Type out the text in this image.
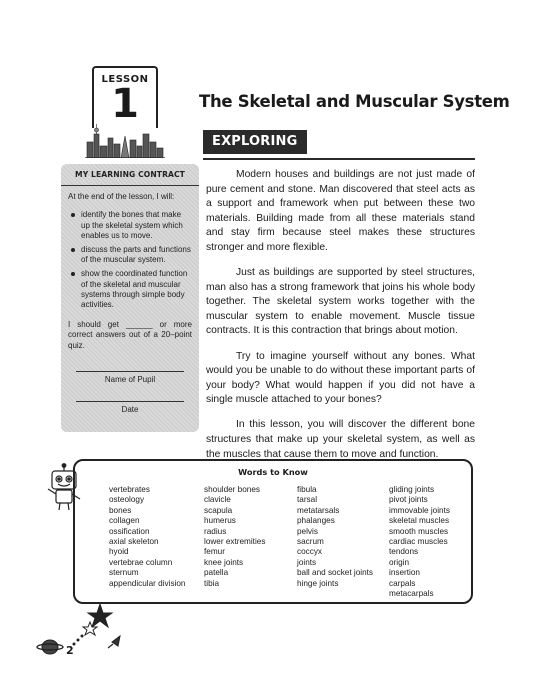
LESSON
1	The Skeletal and Muscular System
EXPLORING
MY LEARNING CONTRACT
At the end of the lesson, I will:
identify the bones that make up the skeletal system which enables us to move.
discuss the parts and functions of the muscular system.
show the coordinated function of the skeletal and muscular systems through simple body activities.
I should get ______ or more correct answers out of a 20–point quiz.
Name of Pupil
Date

Modern houses and buildings are not just made of pure cement and stone. Man discovered that steel acts as a support and framework when put between these two materials. Building made from all these materials stand and stay firm because steel makes these structures stronger and more flexible.

Just as buildings are supported by steel structures, man also has a strong framework that joins his whole body together. The skeletal system works together with the muscular system to enable movement. Muscle tissue contracts. It is this contraction that brings about motion.

Try to imagine yourself without any bones. What would you be unable to do without these important parts of your body? What would happen if you did not have a single muscle attached to your bones?

In this lesson, you will discover the different bone structures that make up your skeletal system, as well as the muscles that cause them to move and function.

Words to Know
vertebrates
osteology
bones
collagen
ossification
axial skeleton
hyoid
vertebrae column
sternum
appendicular division
shoulder bones
clavicle
scapula
humerus
radius
lower extremities
femur
knee joints
patella
tibia
fibula
tarsal
metatarsals
phalanges
pelvis
sacrum
coccyx
joints
ball and socket joints
hinge joints
gliding joints
pivot joints
immovable joints
skeletal muscles
smooth muscles
cardiac muscles
tendons
origin
insertion
carpals
metacarpals
2
